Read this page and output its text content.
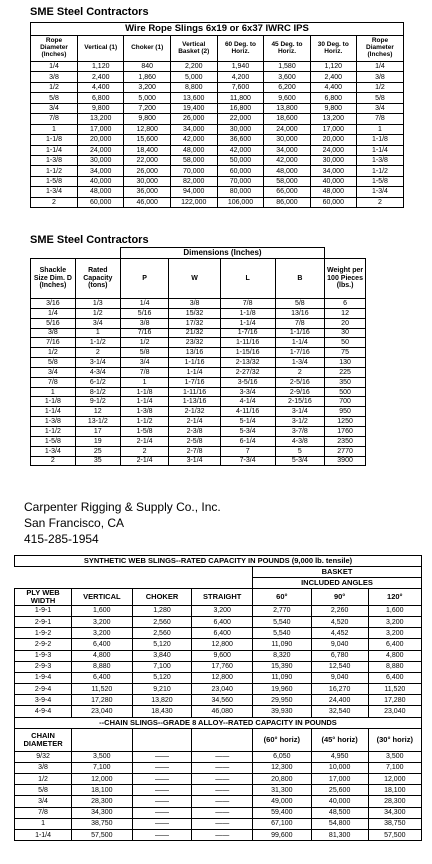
SME Steel Contractors
Wire Rope Slings 6x19 or 6x37 IWRC IPS							
Rope Diameter (Inches)	Vertical (1)	Choker (1)	Vertical Basket (2)	60 Deg. to Horiz.	45 Deg. to Horiz.	30 Deg. to Horiz.	Rope Diameter (Inches)
1/4	1,120	840	2,200	1,940	1,580	1,120	1/4
3/8	2,400	1,860	5,000	4,200	3,600	2,400	3/8
1/2	4,400	3,200	8,800	7,600	6,200	4,400	1/2
5/8	6,800	5,000	13,600	11,800	9,600	6,800	5/8
3/4	9,800	7,200	19,400	16,800	13,800	9,800	3/4
7/8	13,200	9,800	26,000	22,000	18,600	13,200	7/8
1	17,000	12,800	34,000	30,000	24,000	17,000	1
1-1/8	20,000	15,600	42,000	36,600	30,000	20,000	1-1/8
1-1/4	24,000	18,400	48,000	42,000	34,000	24,000	1-1/4
1-3/8	30,000	22,000	58,000	50,000	42,000	30,000	1-3/8
1-1/2	34,000	26,000	70,000	60,000	48,000	34,000	1-1/2
1-5/8	40,000	30,000	82,000	70,000	58,000	40,000	1-5/8
1-3/4	48,000	36,000	94,000	80,000	66,000	48,000	1-3/4
2	60,000	46,000	122,000	106,000	86,000	60,000	2
SME Steel Contractors
		Dimensions (Inches)				
Shackle Size Dim. D (Inches)	Rated Capacity (tons)	P	W	L	B	Weight per 100 Pieces (lbs.)
3/16	1/3	1/4	3/8	7/8	5/8	6
1/4	1/2	5/16	15/32	1-1/8	13/16	12
5/16	3/4	3/8	17/32	1-1/4	7/8	20
3/8	1	7/16	21/32	1-7/16	1-1/16	30
7/16	1-1/2	1/2	23/32	1-11/16	1-1/4	50
1/2	2	5/8	13/16	1-15/16	1-7/16	75
5/8	3-1/4	3/4	1-1/16	2-13/32	1-3/4	130
3/4	4-3/4	7/8	1-1/4	2-27/32	2	225
7/8	6-1/2	1	1-7/16	3-5/16	2-5/16	350
1	8-1/2	1-1/8	1-11/16	3-3/4	2-9/16	500
1-1/8	9-1/2	1-1/4	1-13/16	4-1/4	2-15/16	700
1-1/4	12	1-3/8	2-1/32	4-11/16	3-1/4	950
1-3/8	13-1/2	1-1/2	2-1/4	5-1/4	3-1/2	1250
1-1/2	17	1-5/8	2-3/8	5-3/4	3-7/8	1760
1-5/8	19	2-1/4	2-5/8	6-1/4	4-3/8	2350
1-3/4	25	2	2-7/8	7	5	2770
2	35	2-1/4	3-1/4	7-3/4	5-3/4	3900
Carpenter Rigging & Supply Co., Inc.
San Francisco, CA
415-285-1954
SYNTHETIC WEB SLINGS--RATED CAPACITY IN POUNDS (9,000 lb. tensile)						
				BASKET		
				INCLUDED ANGLES		
PLY WEB WIDTH	VERTICAL	CHOKER	STRAIGHT	60°	90°	120°
1-9-1	1,600	1,280	3,200	2,770	2,260	1,600
2-9-1	3,200	2,560	6,400	5,540	4,520	3,200
1-9-2	3,200	2,560	6,400	5,540	4,452	3,200
2-9-2	6,400	5,120	12,800	11,090	9,040	6,400
1-9-3	4,800	3,840	9,600	8,320	6,780	4,800
2-9-3	8,880	7,100	17,760	15,390	12,540	8,880
1-9-4	6,400	5,120	12,800	11,090	9,040	6,400
2-9-4	11,520	9,210	23,040	19,960	16,270	11,520
3-9-4	17,280	13,820	34,560	29,950	24,400	17,280
4-9-4	23,040	18,430	46,080	39,930	32,540	23,040
--CHAIN SLINGS--GRADE 8 ALLOY--RATED CAPACITY IN POUNDS						
CHAIN DIAMETER				(60° horiz)	(45° horiz)	(30° horiz)
9/32	3,500	——	——	6,050	4,950	3,500
3/8	7,100	——	——	12,300	10,000	7,100
1/2	12,000	——	——	20,800	17,000	12,000
5/8	18,100	——	——	31,300	25,600	18,100
3/4	28,300	——	——	49,000	40,000	28,300
7/8	34,300	——	——	59,400	48,500	34,300
1	38,750	——	——	67,100	54,800	38,750
1-1/4	57,500	——	——	99,600	81,300	57,500
